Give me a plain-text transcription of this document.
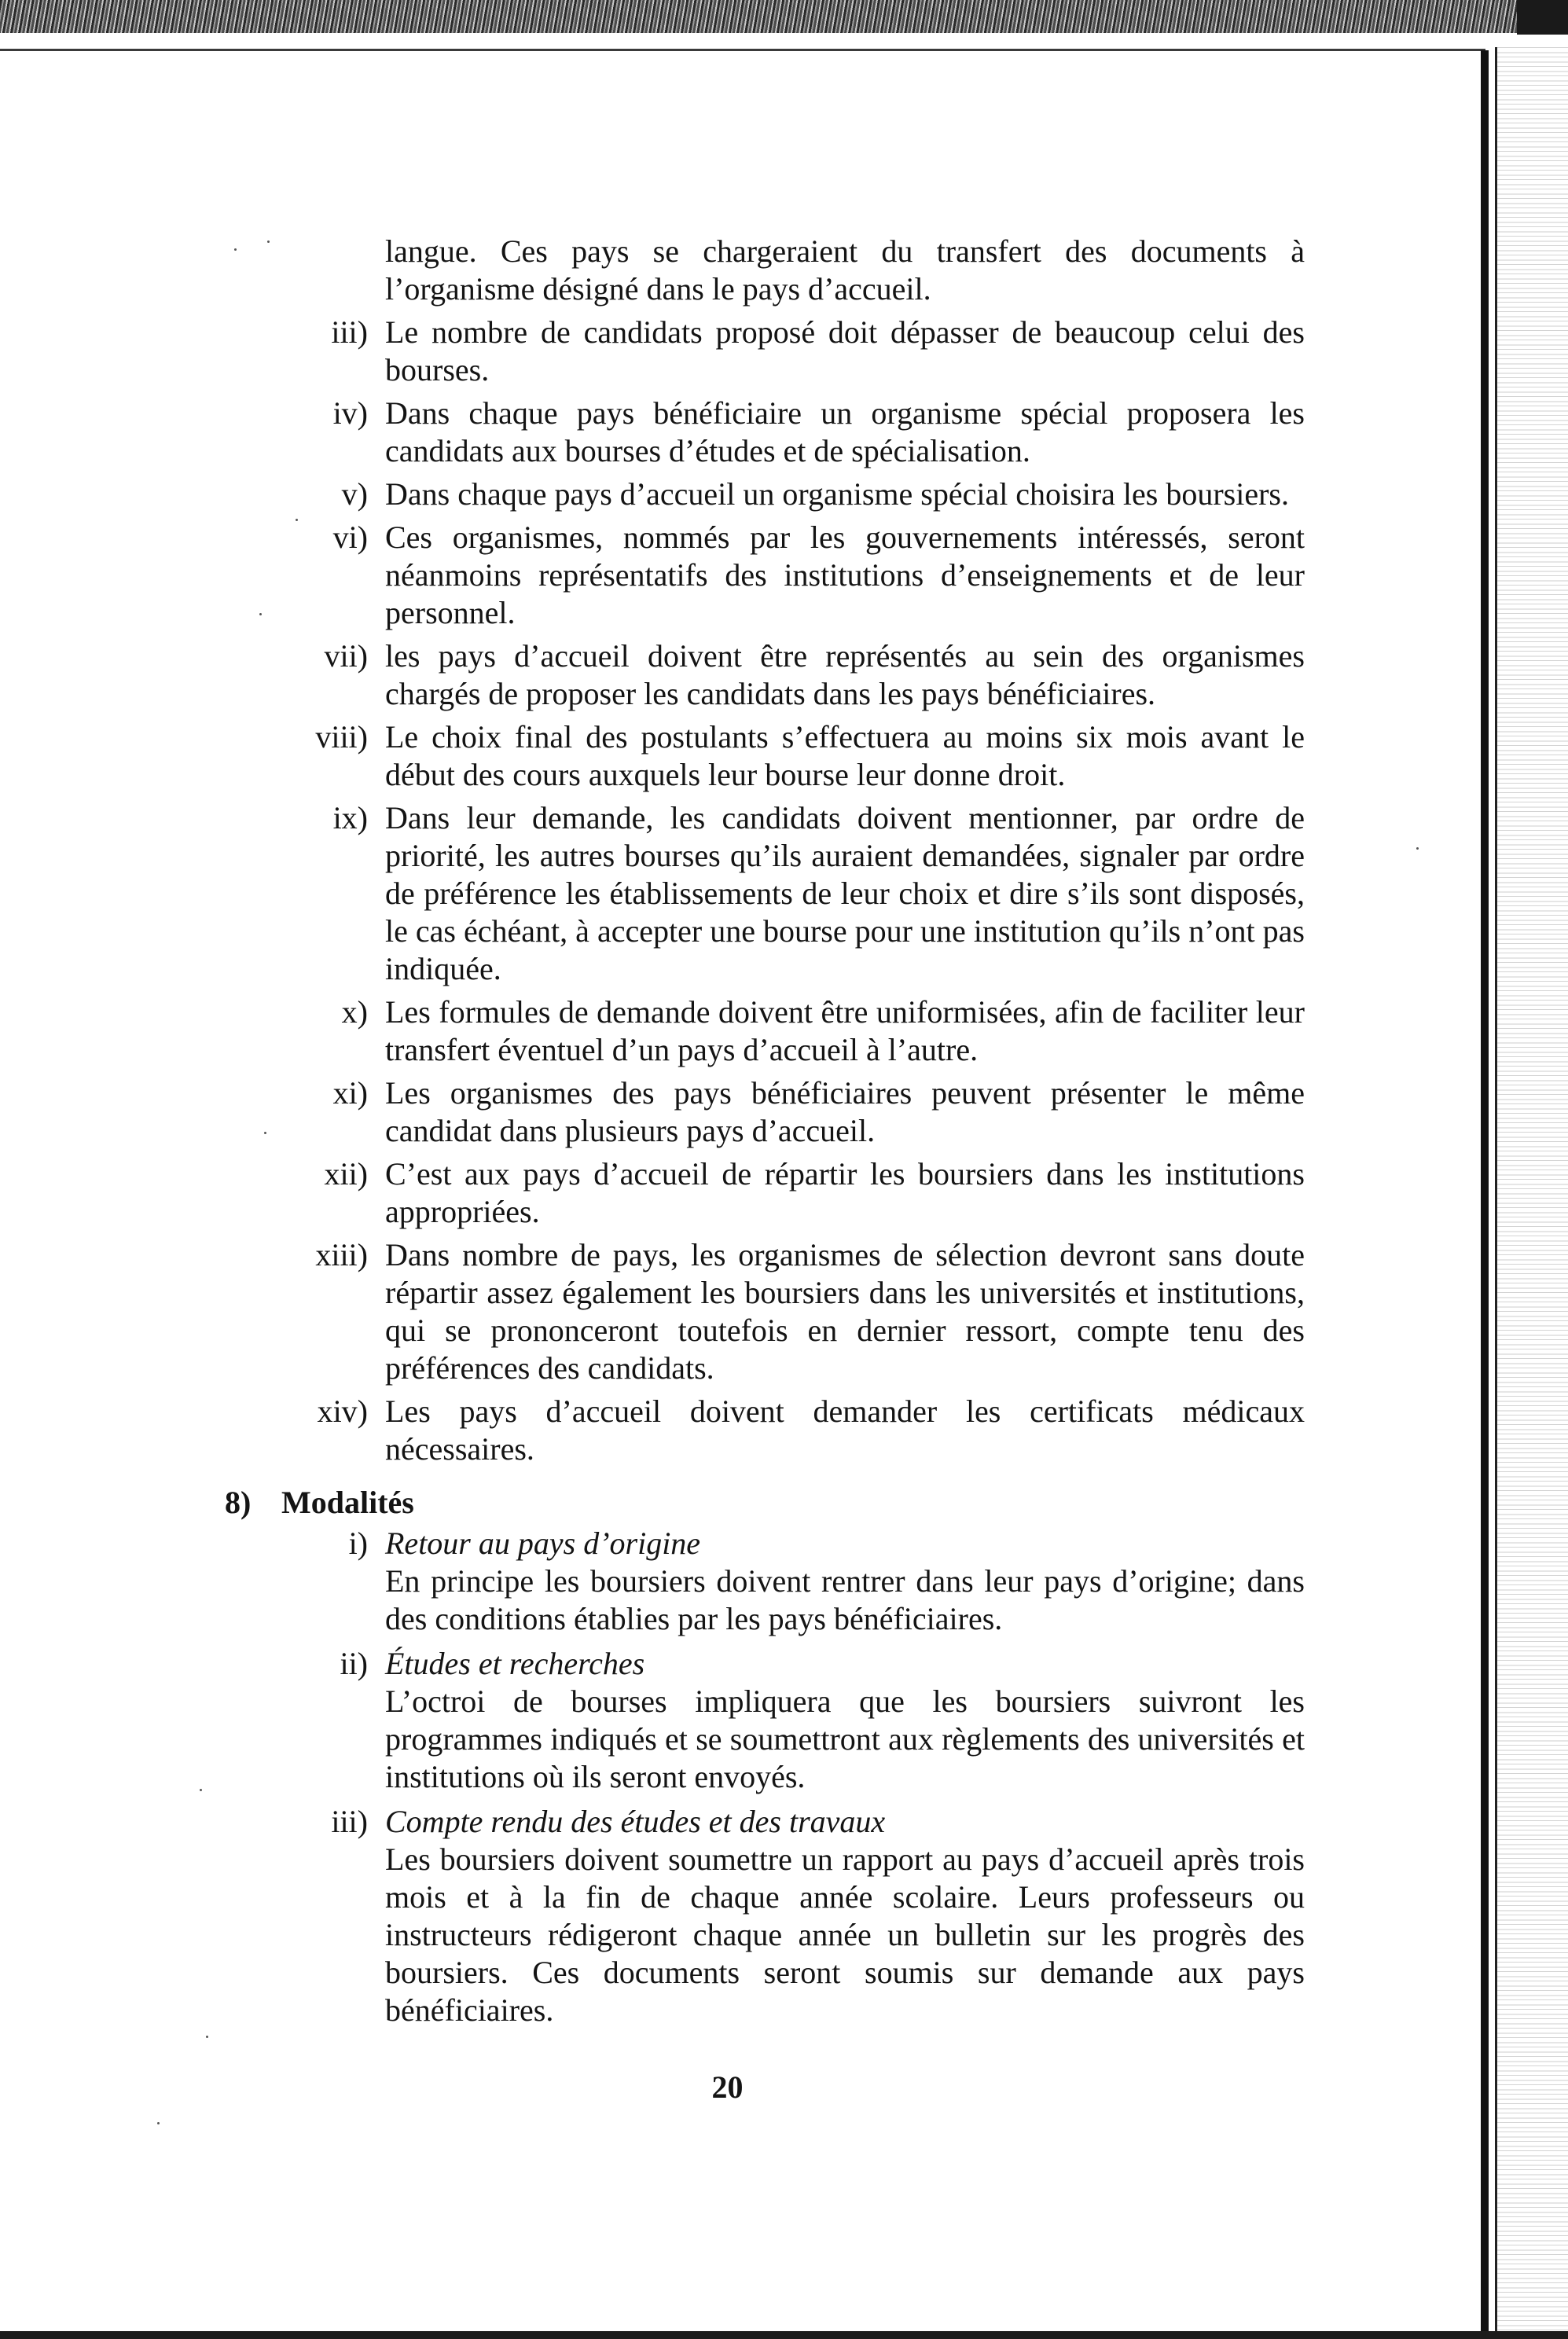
langue. Ces pays se chargeraient du transfert des documents à l’organisme désigné dans le pays d’accueil.
iii) Le nombre de candidats proposé doit dépasser de beaucoup celui des bourses.
iv) Dans chaque pays bénéficiaire un organisme spécial proposera les candidats aux bourses d’études et de spécialisation.
v) Dans chaque pays d’accueil un organisme spécial choisira les boursiers.
vi) Ces organismes, nommés par les gouvernements intéressés, seront néanmoins représentatifs des institutions d’enseignements et de leur personnel.
vii) les pays d’accueil doivent être représentés au sein des organismes chargés de proposer les candidats dans les pays bénéficiaires.
viii) Le choix final des postulants s’effectuera au moins six mois avant le début des cours auxquels leur bourse leur donne droit.
ix) Dans leur demande, les candidats doivent mentionner, par ordre de priorité, les autres bourses qu’ils auraient demandées, signaler par ordre de préférence les établissements de leur choix et dire s’ils sont disposés, le cas échéant, à accepter une bourse pour une institution qu’ils n’ont pas indiquée.
x) Les formules de demande doivent être uniformisées, afin de faciliter leur transfert éventuel d’un pays d’accueil à l’autre.
xi) Les organismes des pays bénéficiaires peuvent présenter le même candidat dans plusieurs pays d’accueil.
xii) C’est aux pays d’accueil de répartir les boursiers dans les institutions appropriées.
xiii) Dans nombre de pays, les organismes de sélection devront sans doute répartir assez également les boursiers dans les universités et institutions, qui se prononceront toutefois en dernier ressort, compte tenu des préférences des candidats.
xiv) Les pays d’accueil doivent demander les certificats médicaux nécessaires.
8) Modalités
i) Retour au pays d’origine
En principe les boursiers doivent rentrer dans leur pays d’origine; dans des conditions établies par les pays bénéficiaires.
ii) Études et recherches
L’octroi de bourses impliquera que les boursiers suivront les programmes indiqués et se soumettront aux règlements des universités et institutions où ils seront envoyés.
iii) Compte rendu des études et des travaux
Les boursiers doivent soumettre un rapport au pays d’accueil après trois mois et à la fin de chaque année scolaire. Leurs professeurs ou instructeurs rédigeront chaque année un bulletin sur les progrès des boursiers. Ces documents seront soumis sur demande aux pays bénéficiaires.
20
